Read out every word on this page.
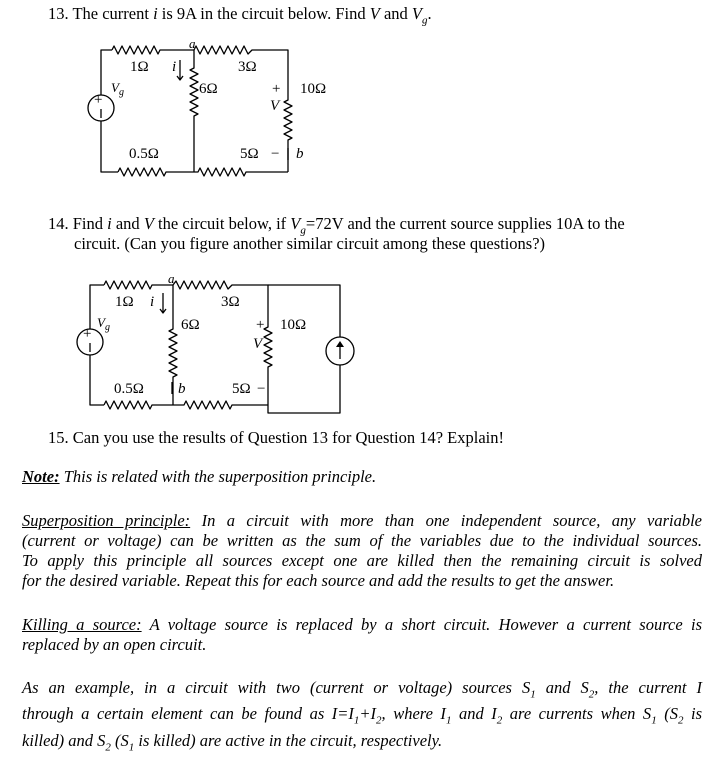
13. The current i is 9A in the circuit below. Find V and $V_g$.
+
1Ω i
a
3Ω
6Ω	+ 10Ω
V
$V_g$
0.5Ω	5Ω − b
14. Find i and V the circuit below, if $V_g=72V$ and the current source supplies 10A to the
circuit. (Can you figure another similar circuit among these questions?)
+
1Ω i
a
3Ω
6Ω	+ 10Ω
V
$V_g$
0.5Ω b	5Ω −
15. Can you use the results of Question 13 for Question 14? Explain!
Note: This is related with the superposition principle.
Superposition principle: In a circuit with more than one independent source, any variable
(current or voltage) can be written as the sum of the variables due to the individual sources.
To apply this principle all sources except one are killed then the remaining circuit is solved
for the desired variable. Repeat this for each source and add the results to get the answer.
Killing a source: A voltage source is replaced by a short circuit. However a current source is
replaced by an open circuit.
As an example, in a circuit with two (current or voltage) sources $S_1$ and $S_2$, the current I
through a certain element can be found as $I=I_1+I_2$, where $I_1$ and $I_2$ are currents when $S_1$ ($S_2$ is
killed) and $S_2$ ($S_1$ is killed) are active in the circuit, respectively.
